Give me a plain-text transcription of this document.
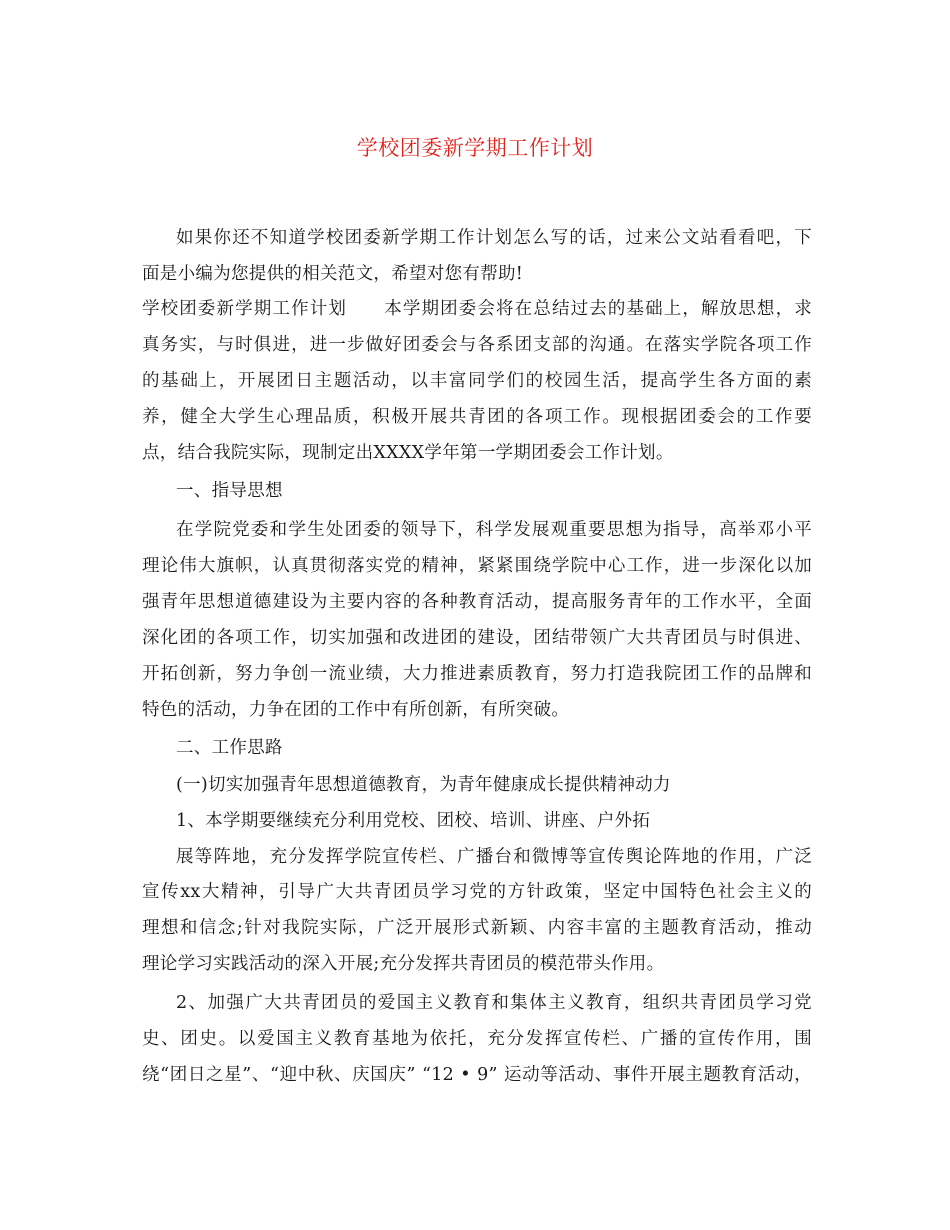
学校团委新学期工作计划

如果你还不知道学校团委新学期工作计划怎么写的话，过来公文站看看吧，下

面是小编为您提供的相关范文，希望对您有帮助!

学校团委新学期工作计划　　本学期团委会将在总结过去的基础上，解放思想，求

真务实，与时俱进，进一步做好团委会与各系团支部的沟通。在落实学院各项工作

的基础上，开展团日主题活动，以丰富同学们的校园生活，提高学生各方面的素

养，健全大学生心理品质，积极开展共青团的各项工作。现根据团委会的工作要

点，结合我院实际，现制定出XXXX学年第一学期团委会工作计划。

一、指导思想

在学院党委和学生处团委的领导下，科学发展观重要思想为指导，高举邓小平

理论伟大旗帜，认真贯彻落实党的精神，紧紧围绕学院中心工作，进一步深化以加

强青年思想道德建设为主要内容的各种教育活动，提高服务青年的工作水平，全面

深化团的各项工作，切实加强和改进团的建设，团结带领广大共青团员与时俱进、

开拓创新，努力争创一流业绩，大力推进素质教育，努力打造我院团工作的品牌和

特色的活动，力争在团的工作中有所创新，有所突破。

二、工作思路

(一)切实加强青年思想道德教育，为青年健康成长提供精神动力

1、本学期要继续充分利用党校、团校、培训、讲座、户外拓

展等阵地，充分发挥学院宣传栏、广播台和微博等宣传舆论阵地的作用，广泛

宣传xx大精神，引导广大共青团员学习党的方针政策，坚定中国特色社会主义的

理想和信念;针对我院实际，广泛开展形式新颖、内容丰富的主题教育活动，推动

理论学习实践活动的深入开展;充分发挥共青团员的模范带头作用。

2、加强广大共青团员的爱国主义教育和集体主义教育，组织共青团员学习党

史、团史。以爱国主义教育基地为依托，充分发挥宣传栏、广播的宣传作用，围

绕“团日之星”、“迎中秋、庆国庆” “12 • 9” 运动等活动、事件开展主题教育活动，
